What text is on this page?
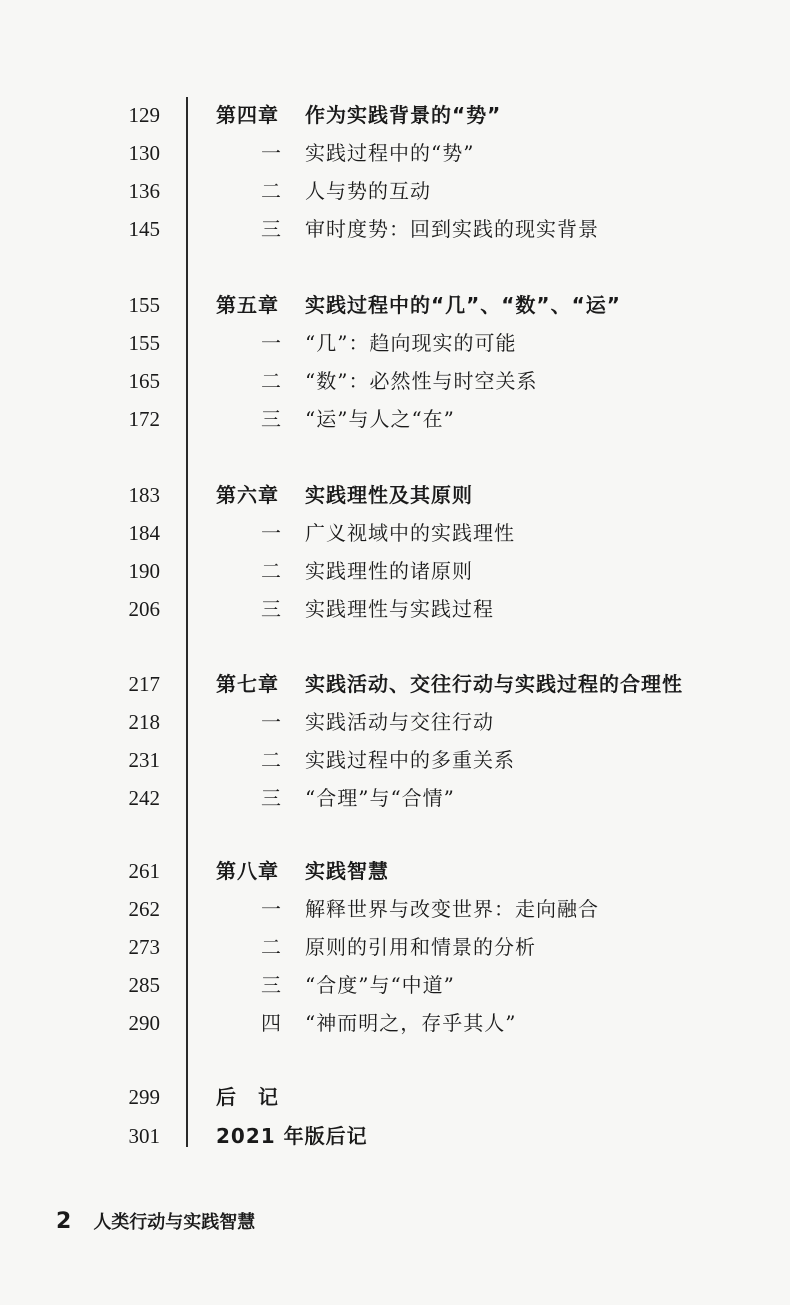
129	第四章 作为实践背景的“势”
130	一 实践过程中的“势”
136	二 人与势的互动
145	三 审时度势：回到实践的现实背景
155	第五章 实践过程中的“几”、“数”、“运”
155	一 “几”：趋向现实的可能
165	二 “数”：必然性与时空关系
172	三 “运”与人之“在”
183	第六章 实践理性及其原则
184	一 广义视域中的实践理性
190	二 实践理性的诸原则
206	三 实践理性与实践过程
217	第七章 实践活动、交往行动与实践过程的合理性
218	一 实践活动与交往行动
231	二 实践过程中的多重关系
242	三 “合理”与“合情”
261	第八章 实践智慧
262	一 解释世界与改变世界：走向融合
273	二 原则的引用和情景的分析
285	三 “合度”与“中道”
290	四 “神而明之，存乎其人”
299	后　记
301	2021 年版后记
2 人类行动与实践智慧
